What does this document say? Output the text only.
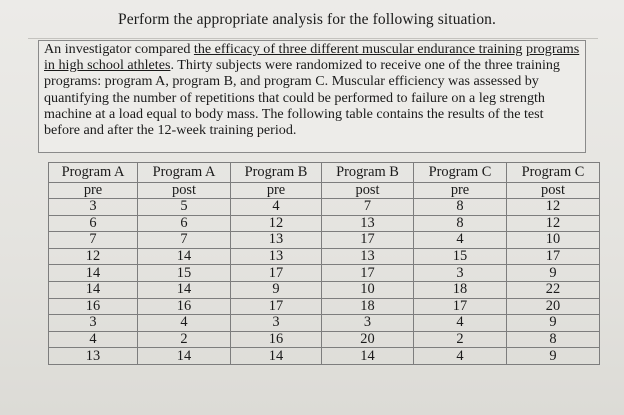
Perform the appropriate analysis for the following situation.

An investigator compared the efficacy of three different muscular endurance training programs in high school athletes. Thirty subjects were randomized to receive one of the three training programs: program A, program B, and program C. Muscular efficiency was assessed by quantifying the number of repetitions that could be performed to failure on a leg strength machine at a load equal to body mass. The following table contains the results of the test before and after the 12-week training period.

Program A	Program A	Program B	Program B	Program C	Program C
pre	post	pre	post	pre	post
3	5	4	7	8	12
6	6	12	13	8	12
7	7	13	17	4	10
12	14	13	13	15	17
14	15	17	17	3	9
14	14	9	10	18	22
16	16	17	18	17	20
3	4	3	3	4	9
4	2	16	20	2	8
13	14	14	14	4	9
